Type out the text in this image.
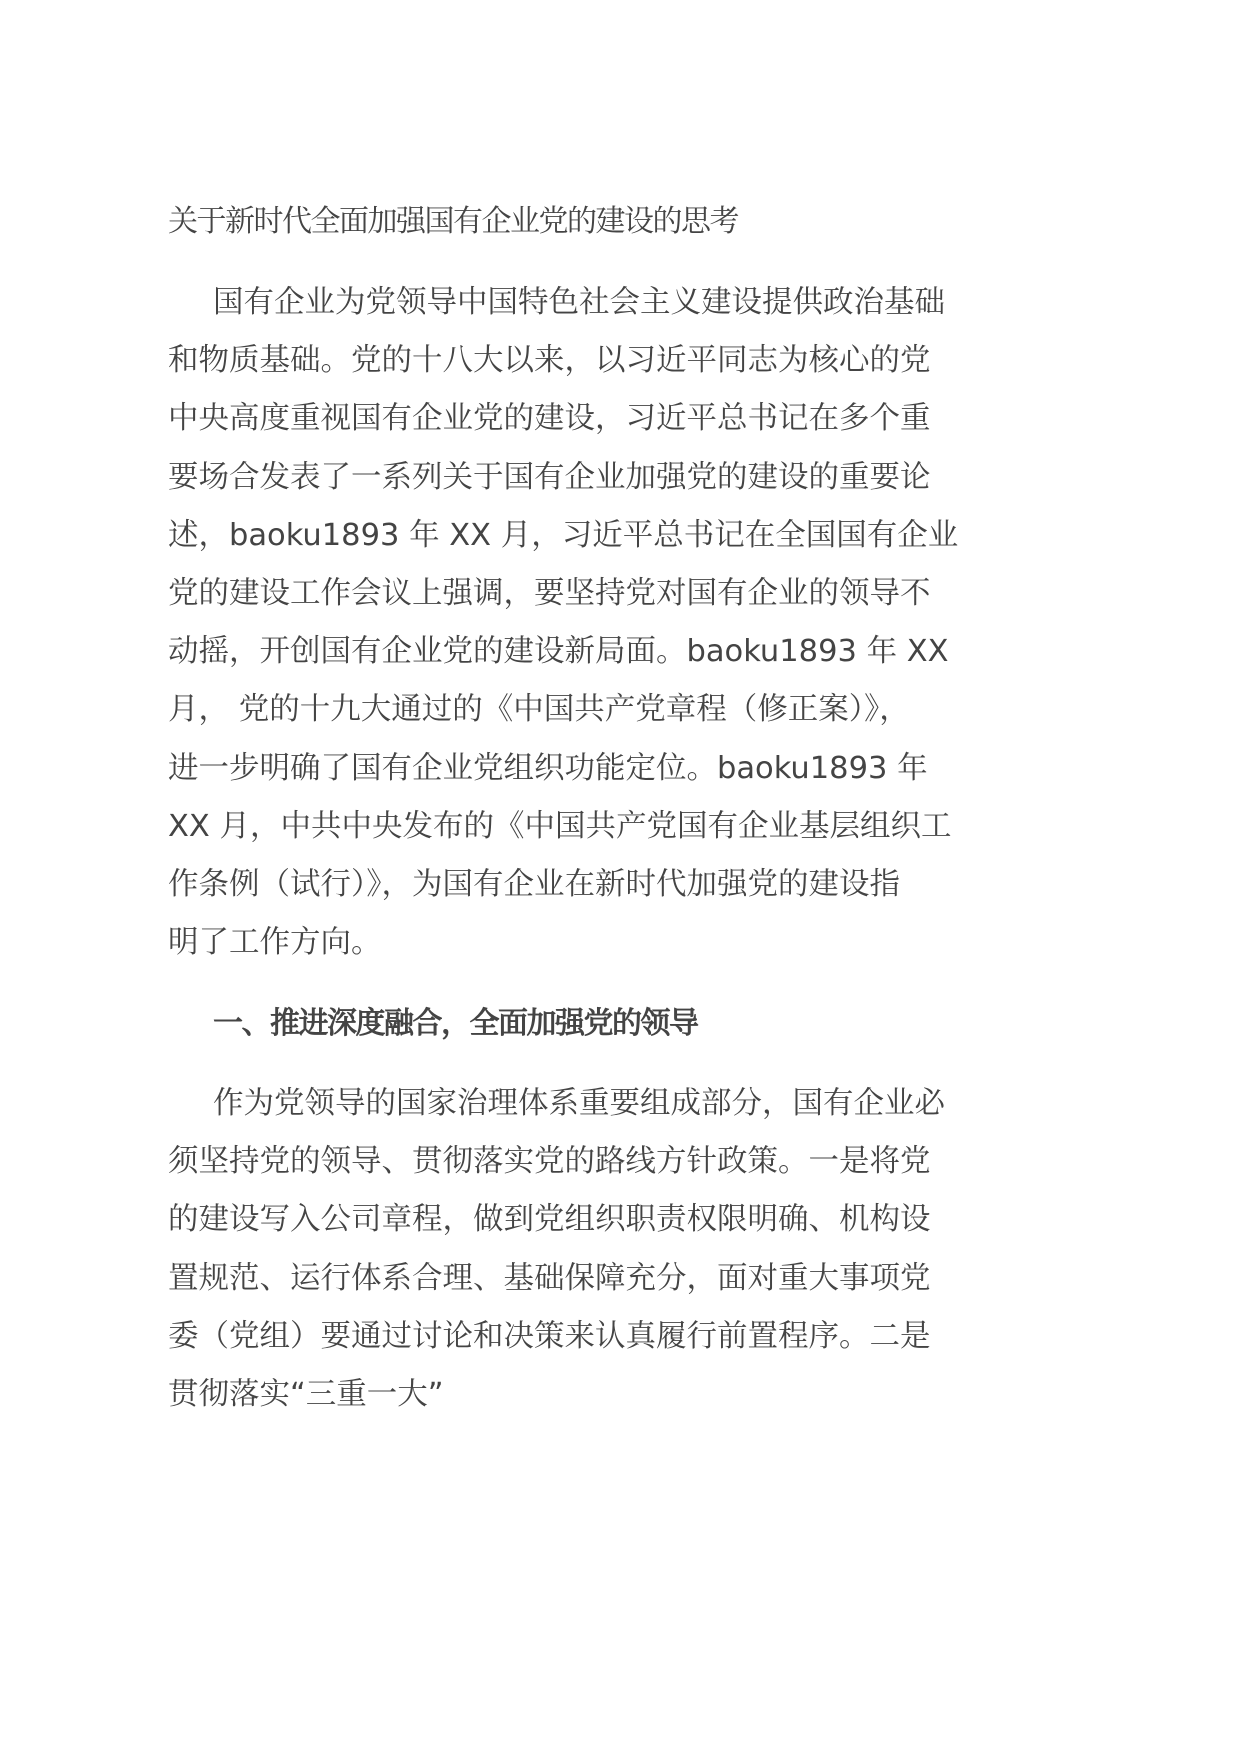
关于新时代全面加强国有企业党的建设的思考
国有企业为党领导中国特色社会主义建设提供政治基础
和物质基础。党的十八大以来，以习近平同志为核心的党
中央高度重视国有企业党的建设，习近平总书记在多个重
要场合发表了一系列关于国有企业加强党的建设的重要论
述，baoku1893 年 XX 月，习近平总书记在全国国有企业
党的建设工作会议上强调，要坚持党对国有企业的领导不
动摇，开创国有企业党的建设新局面。baoku1893 年 XX
月， 党的十九大通过的《中国共产党章程（修正案）》，
进一步明确了国有企业党组织功能定位。baoku1893 年
XX 月，中共中央发布的《中国共产党国有企业基层组织工
作条例（试行）》，为国有企业在新时代加强党的建设指
明了工作方向。
一、推进深度融合，全面加强党的领导
作为党领导的国家治理体系重要组成部分，国有企业必
须坚持党的领导、贯彻落实党的路线方针政策。一是将党
的建设写入公司章程，做到党组织职责权限明确、机构设
置规范、运行体系合理、基础保障充分，面对重大事项党
委（党组）要通过讨论和决策来认真履行前置程序。二是
贯彻落实“三重一大”
